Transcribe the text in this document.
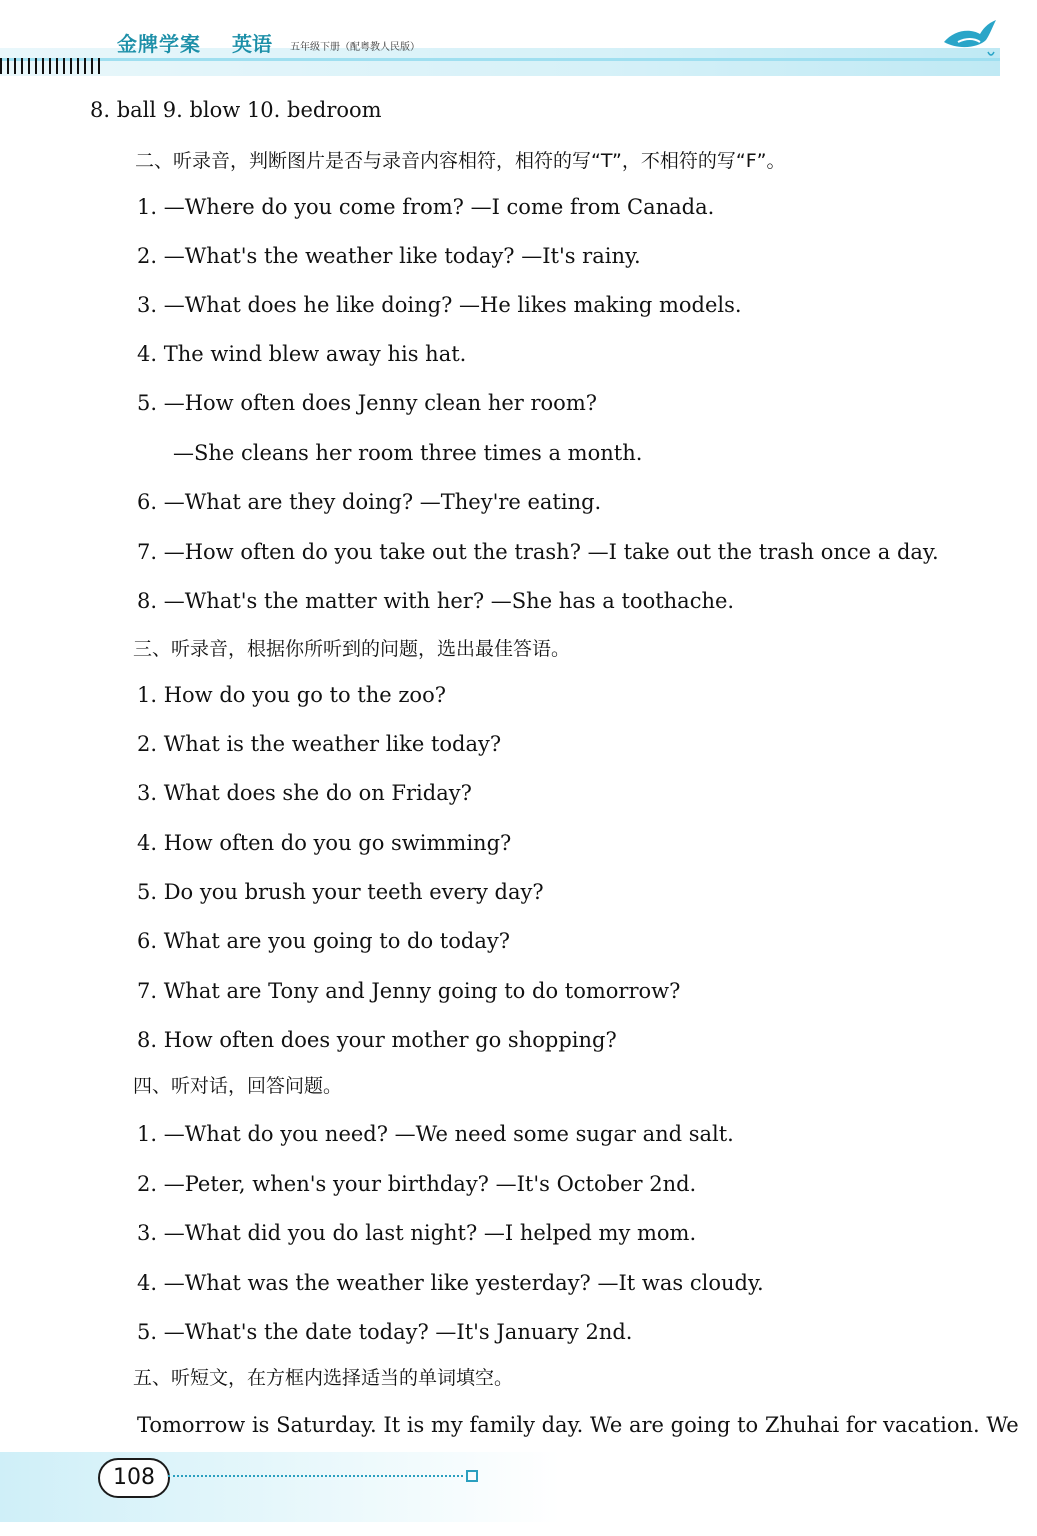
金牌学案 英语 五年级下册（配粤教人民版）
8. ball 9. blow 10. bedroom
二、听录音，判断图片是否与录音内容相符，相符的写“T”，不相符的写“F”。
1. —Where do you come from? —I come from Canada.
2. —What's the weather like today? —It's rainy.
3. —What does he like doing? —He likes making models.
4. The wind blew away his hat.
5. —How often does Jenny clean her room?
—She cleans her room three times a month.
6. —What are they doing? —They're eating.
7. —How often do you take out the trash? —I take out the trash once a day.
8. —What's the matter with her? —She has a toothache.
三、听录音，根据你所听到的问题，选出最佳答语。
1. How do you go to the zoo?
2. What is the weather like today?
3. What does she do on Friday?
4. How often do you go swimming?
5. Do you brush your teeth every day?
6. What are you going to do today?
7. What are Tony and Jenny going to do tomorrow?
8. How often does your mother go shopping?
四、听对话，回答问题。
1. —What do you need? —We need some sugar and salt.
2. —Peter, when's your birthday? —It's October 2nd.
3. —What did you do last night? —I helped my mom.
4. —What was the weather like yesterday? —It was cloudy.
5. —What's the date today? —It's January 2nd.
五、听短文，在方框内选择适当的单词填空。
Tomorrow is Saturday. It is my family day. We are going to Zhuhai for vacation. We
108
